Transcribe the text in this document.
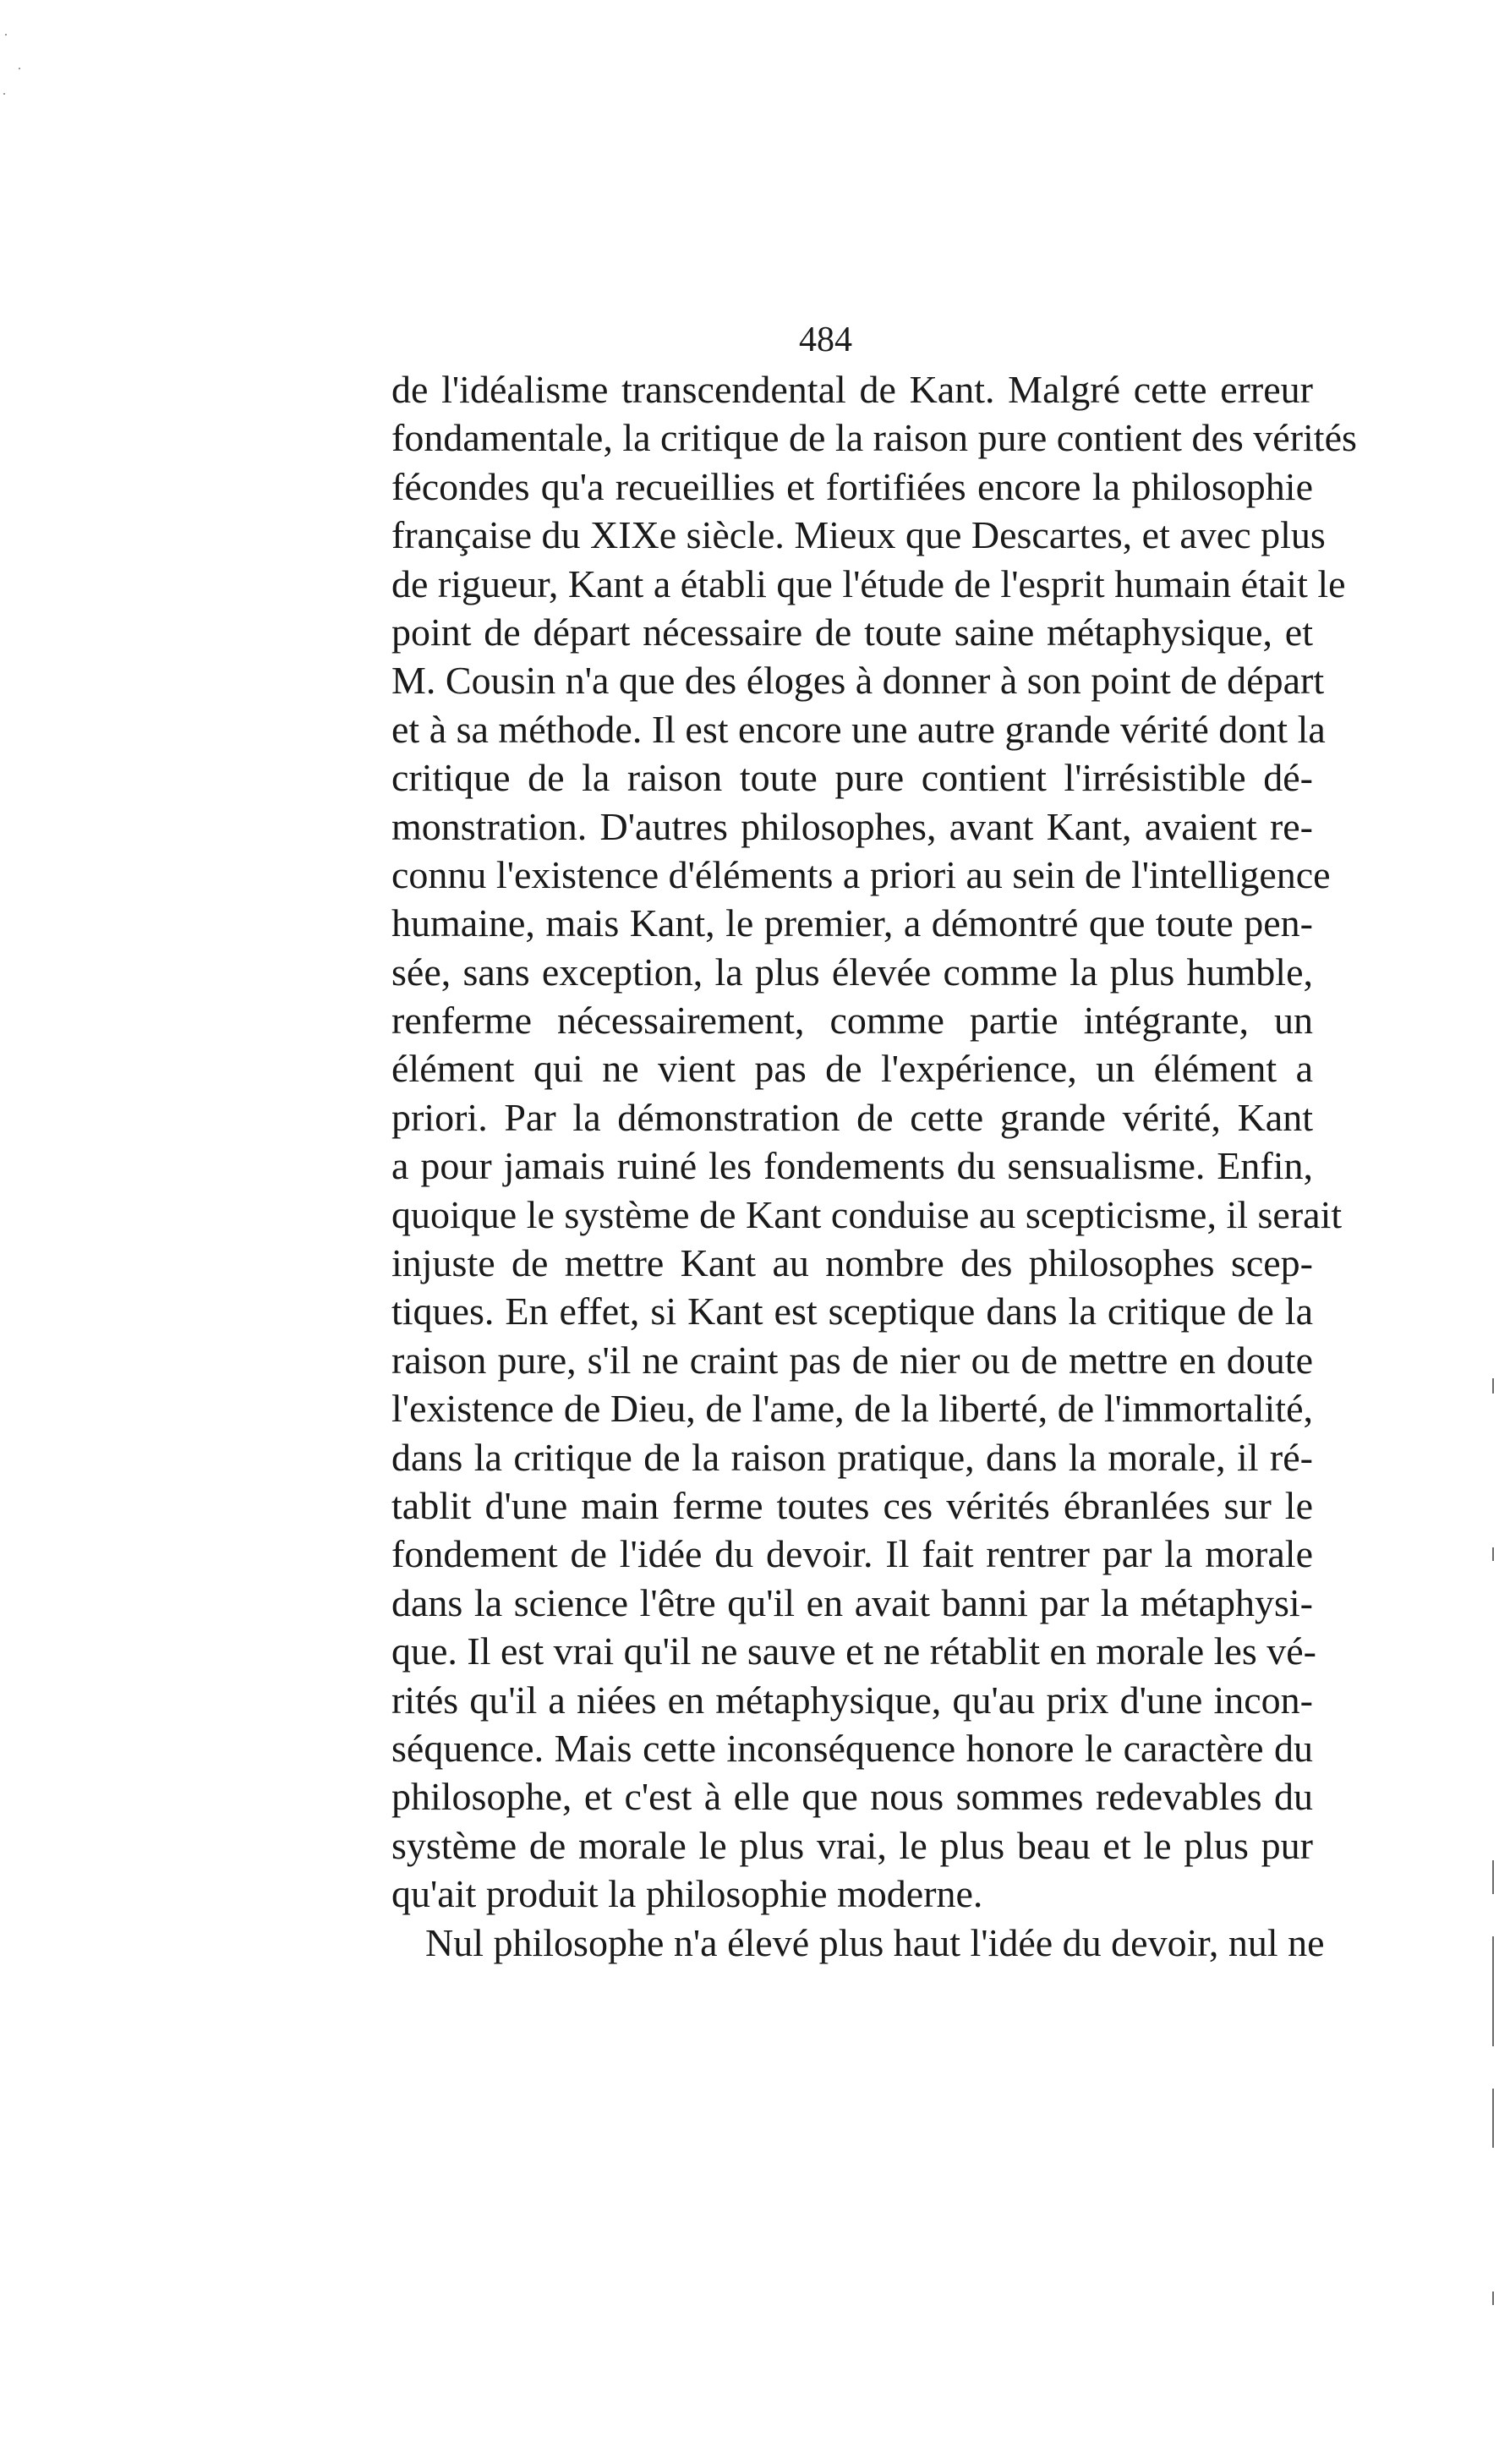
484
de l'idéalisme transcendental de Kant. Malgré cette erreur
fondamentale, la critique de la raison pure contient des vérités
fécondes qu'a recueillies et fortifiées encore la philosophie
française du XIXe siècle. Mieux que Descartes, et avec plus
de rigueur, Kant a établi que l'étude de l'esprit humain était le
point de départ nécessaire de toute saine métaphysique, et
M. Cousin n'a que des éloges à donner à son point de départ
et à sa méthode. Il est encore une autre grande vérité dont la
critique de la raison toute pure contient l'irrésistible dé-
monstration. D'autres philosophes, avant Kant, avaient re-
connu l'existence d'éléments a priori au sein de l'intelligence
humaine, mais Kant, le premier, a démontré que toute pen-
sée, sans exception, la plus élevée comme la plus humble,
renferme nécessairement, comme partie intégrante, un
élément qui ne vient pas de l'expérience, un élément a
priori. Par la démonstration de cette grande vérité, Kant
a pour jamais ruiné les fondements du sensualisme. Enfin,
quoique le système de Kant conduise au scepticisme, il serait
injuste de mettre Kant au nombre des philosophes scep-
tiques. En effet, si Kant est sceptique dans la critique de la
raison pure, s'il ne craint pas de nier ou de mettre en doute
l'existence de Dieu, de l'ame, de la liberté, de l'immortalité,
dans la critique de la raison pratique, dans la morale, il ré-
tablit d'une main ferme toutes ces vérités ébranlées sur le
fondement de l'idée du devoir. Il fait rentrer par la morale
dans la science l'être qu'il en avait banni par la métaphysi-
que. Il est vrai qu'il ne sauve et ne rétablit en morale les vé-
rités qu'il a niées en métaphysique, qu'au prix d'une incon-
séquence. Mais cette inconséquence honore le caractère du
philosophe, et c'est à elle que nous sommes redevables du
système de morale le plus vrai, le plus beau et le plus pur
qu'ait produit la philosophie moderne.
Nul philosophe n'a élevé plus haut l'idée du devoir, nul ne
